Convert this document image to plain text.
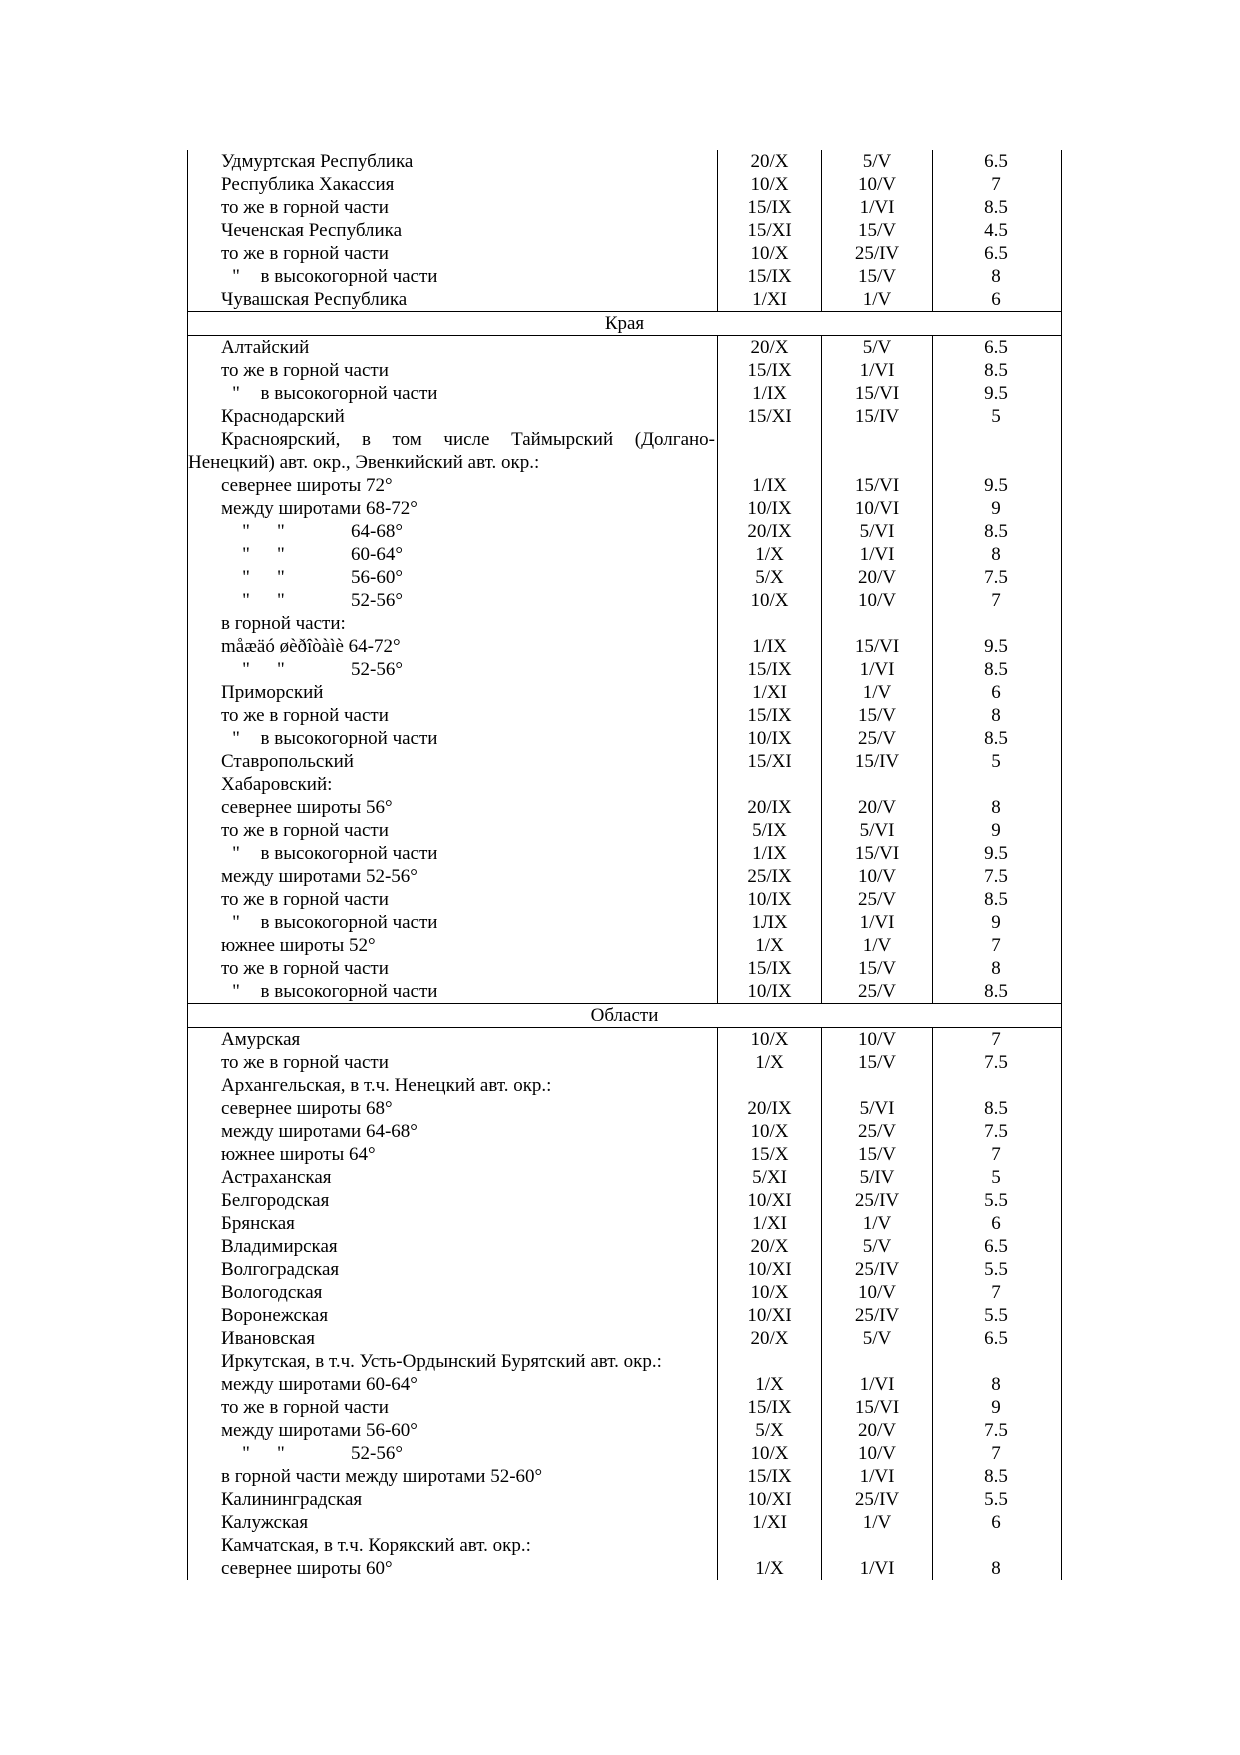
Удмуртская Республика	20/X	5/V	6.5
Республика Хакассия	10/X	10/V	7
то же в горной части	15/IX	1/VI	8.5
Чеченская Республика	15/XI	15/V	4.5
то же в горной части	10/X	25/IV	6.5
" в высокогорной части	15/IX	15/V	8
Чувашская Республика	1/XI	1/V	6
Края
Алтайский	20/X	5/V	6.5
то же в горной части	15/IX	1/VI	8.5
" в высокогорной части	1/IX	15/VI	9.5
Краснодарский	15/XI	15/IV	5
Красноярский, в том числе Таймырский (Долгано-Ненецкий) авт. окр., Эвенкийский авт. окр.:
севернее широты 72°	1/IX	15/VI	9.5
между широтами 68-72°	10/IX	10/VI	9
" "	64-68°	20/IX	5/VI	8.5
" "	60-64°	1/X	1/VI	8
" "	56-60°	5/X	20/V	7.5
" "	52-56°	10/X	10/V	7
в горной части:
måæäó øèðîòàìè 64-72°	1/IX	15/VI	9.5
" "	52-56°	15/IX	1/VI	8.5
Приморский	1/XI	1/V	6
то же в горной части	15/IX	15/V	8
" в высокогорной части	10/IX	25/V	8.5
Ставропольский	15/XI	15/IV	5
Хабаровский:
севернее широты 56°	20/IX	20/V	8
то же в горной части	5/IX	5/VI	9
" в высокогорной части	1/IX	15/VI	9.5
между широтами 52-56°	25/IX	10/V	7.5
то же в горной части	10/IX	25/V	8.5
" в высокогорной части	1ЛХ	1/VI	9
южнее широты 52°	1/X	1/V	7
то же в горной части	15/IX	15/V	8
" в высокогорной части	10/IX	25/V	8.5
Области
Амурская	10/X	10/V	7
то же в горной части	1/X	15/V	7.5
Архангельская, в т.ч. Ненецкий авт. окр.:
севернее широты 68°	20/IX	5/VI	8.5
между широтами 64-68°	10/X	25/V	7.5
южнее широты 64°	15/X	15/V	7
Астраханская	5/XI	5/IV	5
Белгородская	10/XI	25/IV	5.5
Брянская	1/XI	1/V	6
Владимирская	20/X	5/V	6.5
Волгоградская	10/XI	25/IV	5.5
Вологодская	10/X	10/V	7
Воронежская	10/XI	25/IV	5.5
Ивановская	20/X	5/V	6.5
Иркутская, в т.ч. Усть-Ордынский Бурятский авт. окр.:
между широтами 60-64°	1/X	1/VI	8
то же в горной части	15/IX	15/VI	9
между широтами 56-60°	5/X	20/V	7.5
" "	52-56°	10/X	10/V	7
в горной части между широтами 52-60°	15/IX	1/VI	8.5
Калининградская	10/XI	25/IV	5.5
Калужская	1/XI	1/V	6
Камчатская, в т.ч. Корякский авт. окр.:
севернее широты 60°	1/X	1/VI	8
